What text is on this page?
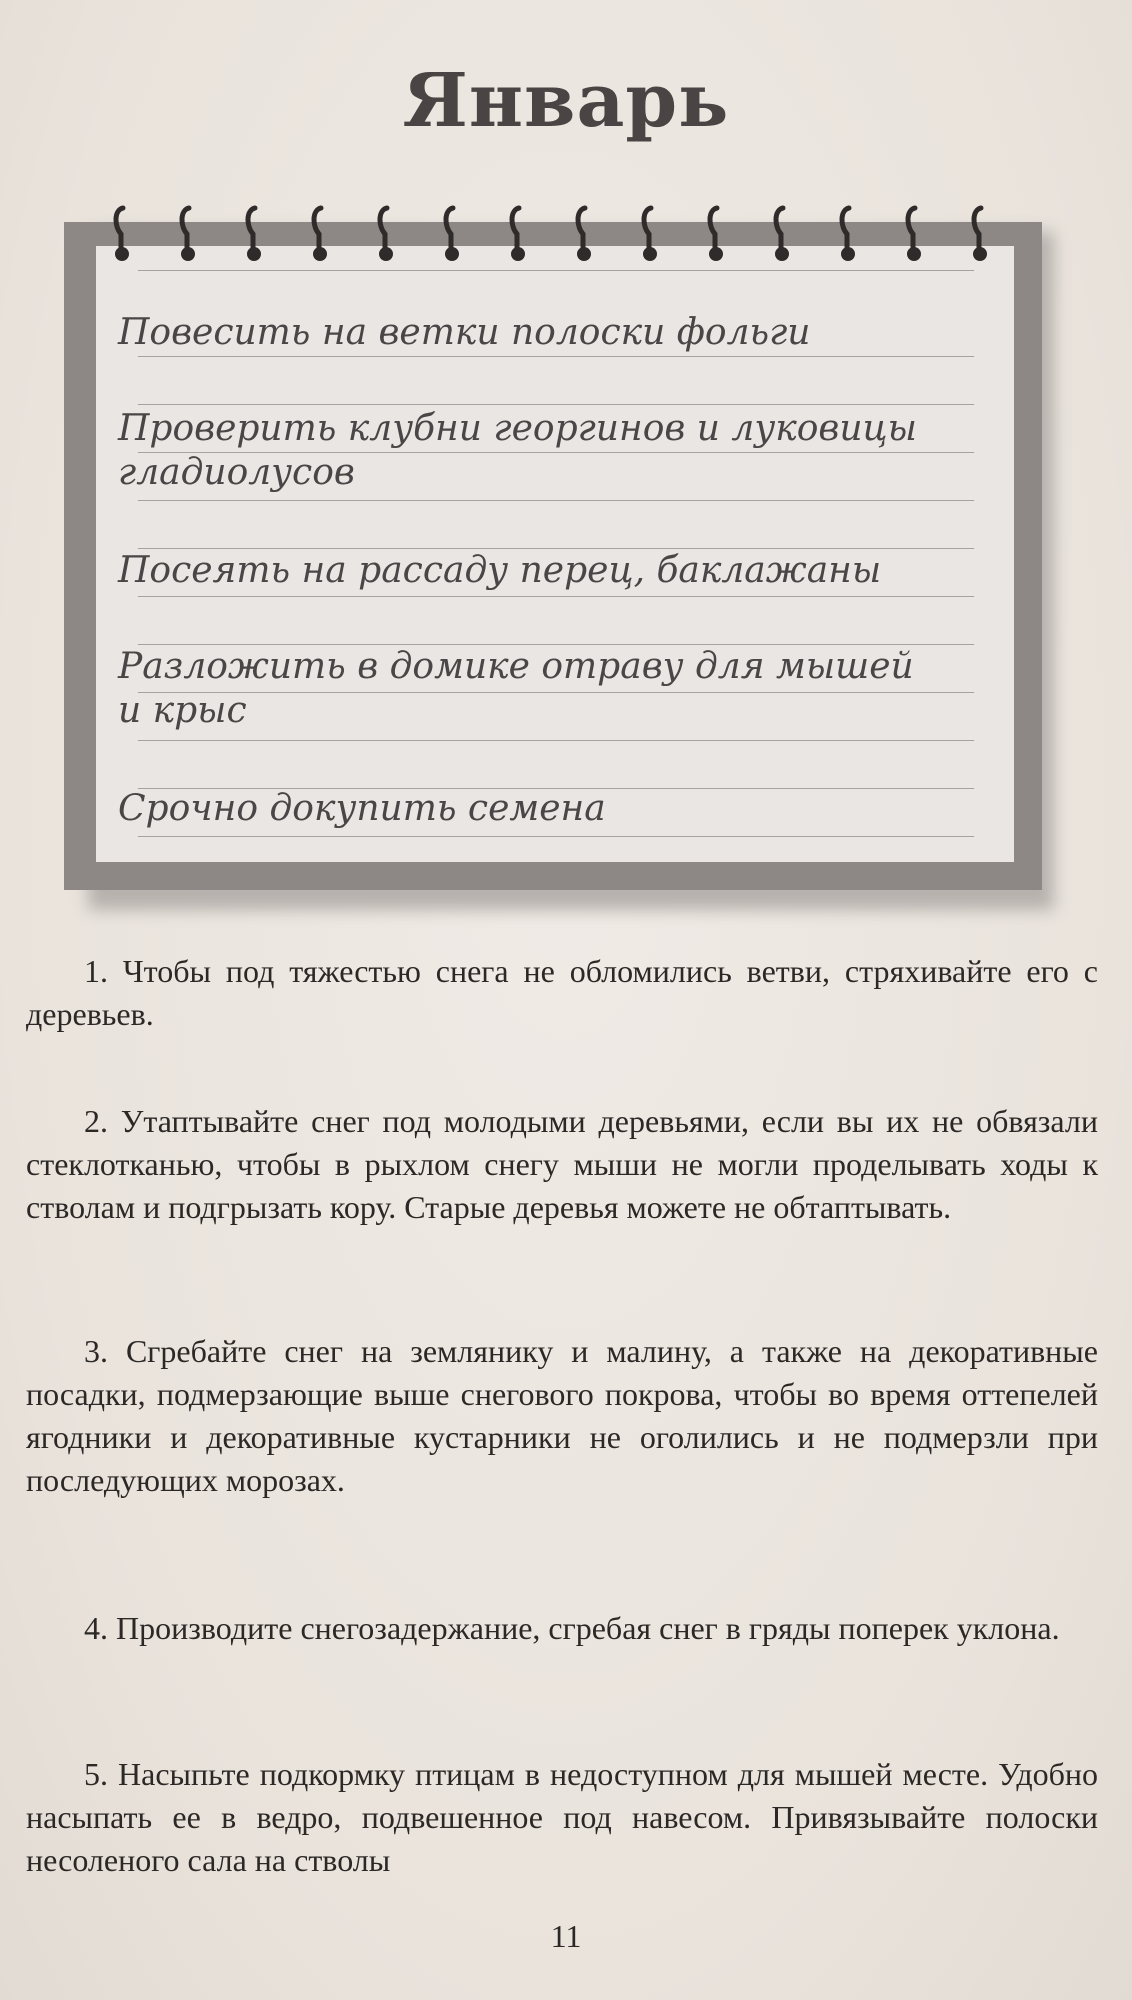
Январь
Повесить на ветки полоски фольги
Проверить клубни георгинов и луковицы
гладиолусов
Посеять на рассаду перец, баклажаны
Разложить в домике отраву для мышей
и крыс
Срочно докупить семена
1. Чтобы под тяжестью снега не обломились ветви, стряхивайте его с деревьев.
2. Утаптывайте снег под молодыми деревьями, если вы их не обвязали стеклотканью, чтобы в рыхлом снегу мыши не могли проделывать ходы к стволам и подгрызать кору. Старые деревья можете не обтаптывать.
3. Сгребайте снег на землянику и малину, а также на декоративные посадки, подмерзающие выше снегового покрова, чтобы во время оттепелей ягодники и декоративные кустарники не оголились и не подмерзли при последующих морозах.
4. Производите снегозадержание, сгребая снег в гряды поперек уклона.
5. Насыпьте подкормку птицам в недоступном для мышей месте. Удобно насыпать ее в ведро, подвешенное под навесом. Привязывайте полоски несоленого сала на стволы
11
